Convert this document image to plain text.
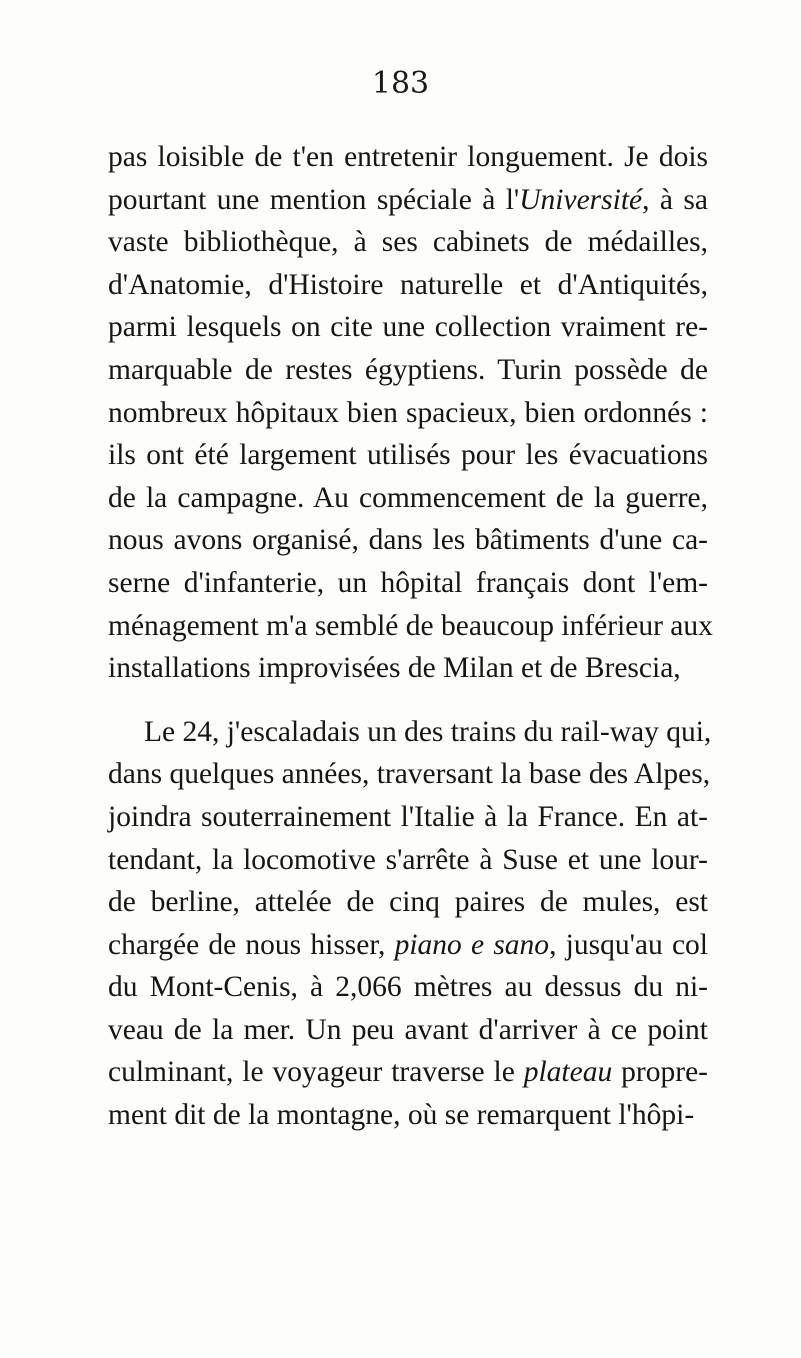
183
pas loisible de t'en entretenir longuement. Je dois
pourtant une mention spéciale à l'Université, à sa
vaste bibliothèque, à ses cabinets de médailles,
d'Anatomie, d'Histoire naturelle et d'Antiquités,
parmi lesquels on cite une collection vraiment re-
marquable de restes égyptiens. Turin possède de
nombreux hôpitaux bien spacieux, bien ordonnés :
ils ont été largement utilisés pour les évacuations
de la campagne. Au commencement de la guerre,
nous avons organisé, dans les bâtiments d'une ca-
serne d'infanterie, un hôpital français dont l'em-
ménagement m'a semblé de beaucoup inférieur aux
installations improvisées de Milan et de Brescia,
Le 24, j'escaladais un des trains du rail-way qui,
dans quelques années, traversant la base des Alpes,
joindra souterrainement l'Italie à la France. En at-
tendant, la locomotive s'arrête à Suse et une lour-
de berline, attelée de cinq paires de mules, est
chargée de nous hisser, piano e sano, jusqu'au col
du Mont-Cenis, à 2,066 mètres au dessus du ni-
veau de la mer. Un peu avant d'arriver à ce point
culminant, le voyageur traverse le plateau propre-
ment dit de la montagne, où se remarquent l'hôpi-
